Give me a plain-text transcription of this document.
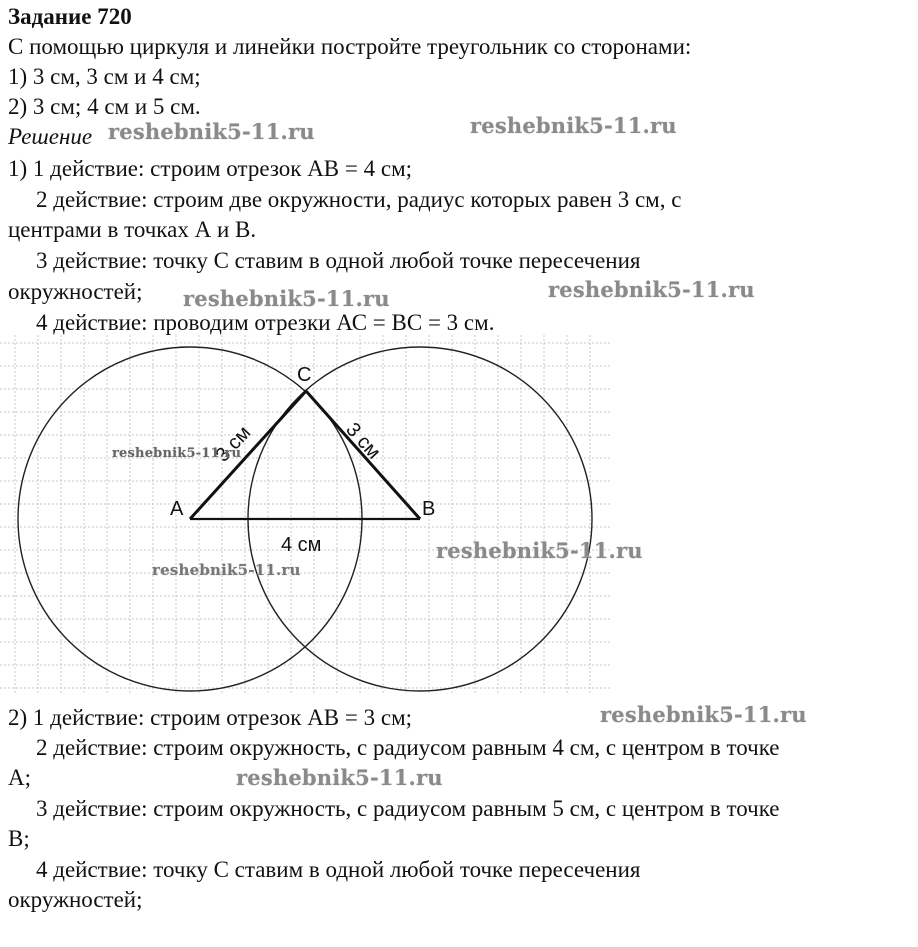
Задание 720
С помощью циркуля и линейки постройте треугольник со сторонами:
1) 3 см, 3 см и 4 см;
2) 3 см; 4 см и 5 см.
Решение
1) 1 действие: строим отрезок АВ = 4 см;
2 действие: строим две окружности, радиус которых равен 3 см, с
центрами в точках А и В.
3 действие: точку С ставим в одной любой точке пересечения
окружностей;
4 действие: проводим отрезки АС = ВС = 3 см.
A	B
C
3 см	3 см
4 см
2) 1 действие: строим отрезок АВ = 3 см;
2 действие: строим окружность, с радиусом равным 4 см, с центром в точке
А;
3 действие: строим окружность, с радиусом равным 5 см, с центром в точке
В;
4 действие: точку С ставим в одной любой точке пересечения
окружностей;
reshebnik5-11.ru	reshebnik5-11.ru
reshebnik5-11.ru	reshebnik5-11.ru
reshebnik5-11.ru
reshebnik5-11.ru
reshebnik5-11.ru
reshebnik5-11.ru
reshebnik5-11.ru
